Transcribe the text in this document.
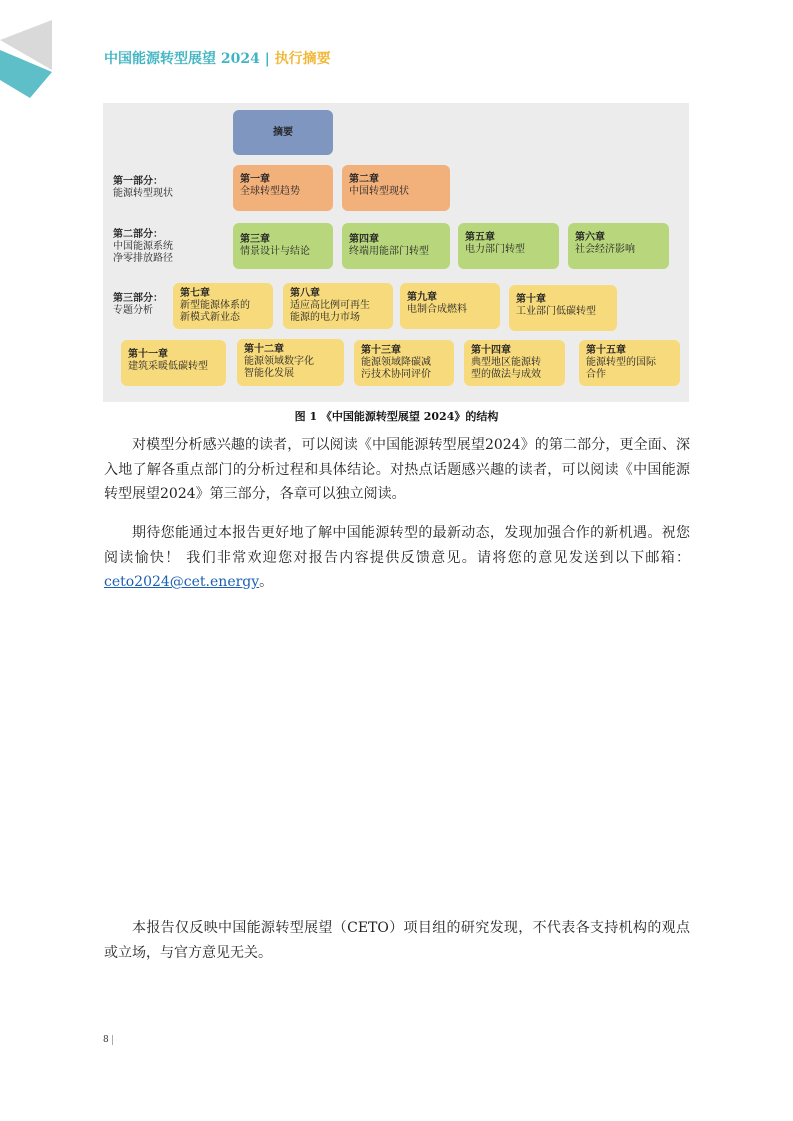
中国能源转型展望 2024 | 执行摘要
摘要
第一部分：
能源转型现状
第一章
全球转型趋势
第二章
中国转型现状
第二部分：
中国能源系统
净零排放路径
第三章
情景设计与结论
第四章
终端用能部门转型
第五章
电力部门转型
第六章
社会经济影响
第三部分：
专题分析
第七章
新型能源体系的
新模式新业态
第八章
适应高比例可再生
能源的电力市场
第九章
电制合成燃料
第十章
工业部门低碳转型
第十一章
建筑采暖低碳转型
第十二章
能源领域数字化
智能化发展
第十三章
能源领域降碳减
污技术协同评价
第十四章
典型地区能源转
型的做法与成效
第十五章
能源转型的国际
合作
图 1 《中国能源转型展望 2024》的结构

对模型分析感兴趣的读者，可以阅读《中国能源转型展望2024》的第二部分，更全面、深入地了解各重点部门的分析过程和具体结论。对热点话题感兴趣的读者，可以阅读《中国能源转型展望2024》第三部分，各章可以独立阅读。

期待您能通过本报告更好地了解中国能源转型的最新动态，发现加强合作的新机遇。祝您阅读愉快！ 我们非常欢迎您对报告内容提供反馈意见。请将您的意见发送到以下邮箱：ceto2024@cet.energy。

本报告仅反映中国能源转型展望（CETO）项目组的研究发现，不代表各支持机构的观点或立场，与官方意见无关。

8
